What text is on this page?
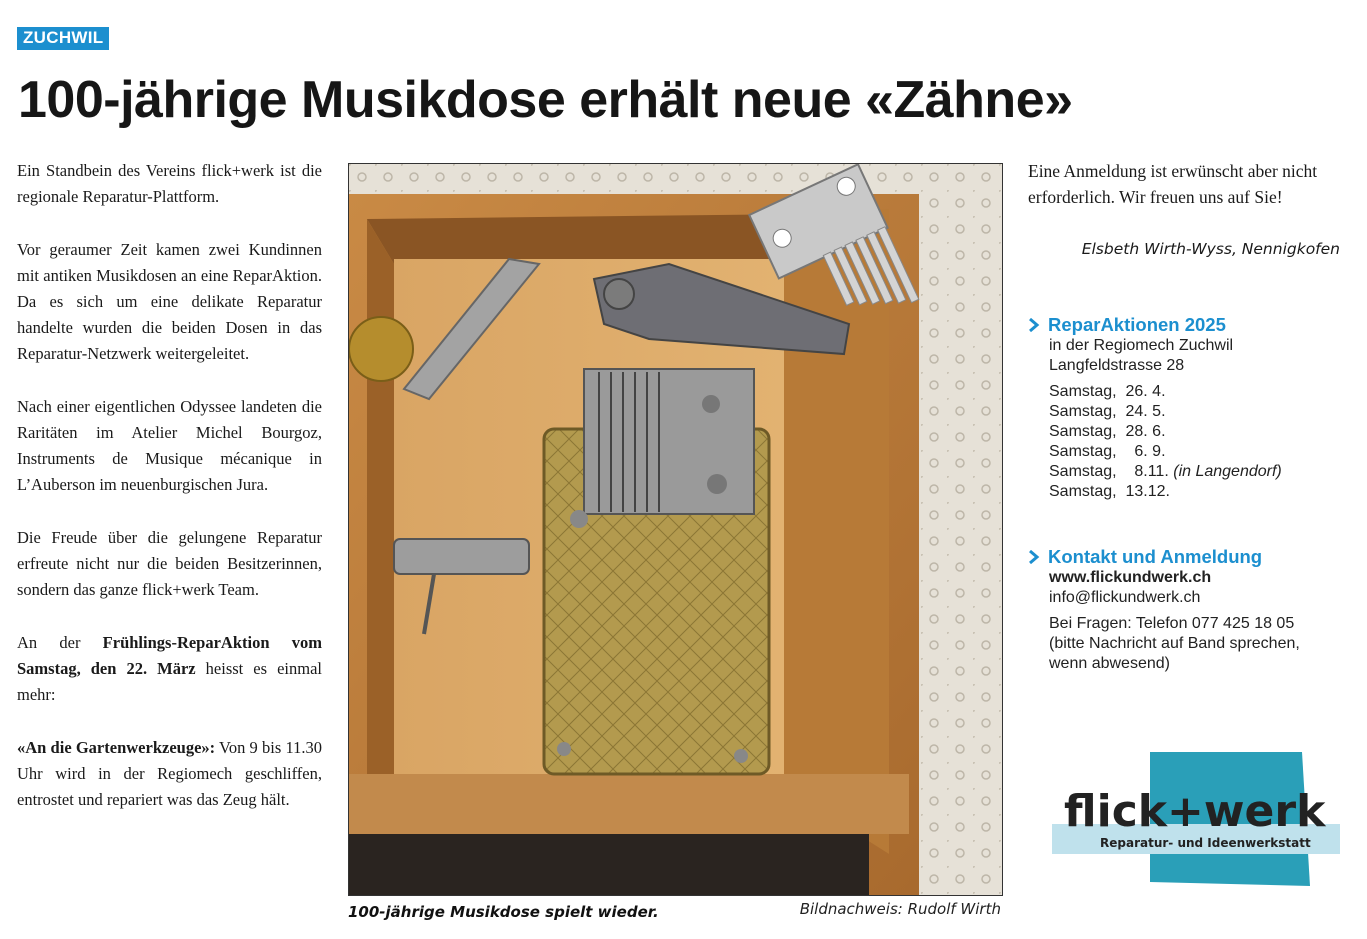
ZUCHWIL
100-jährige Musikdose erhält neue «Zähne»

Ein Standbein des Vereins flick+werk ist die regionale Reparatur-Plattform.

Vor geraumer Zeit kamen zwei Kundinnen mit antiken Musikdosen an eine ReparAktion. Da es sich um eine delikate Reparatur handelte wurden die beiden Dosen in das Reparatur-Netzwerk weitergeleitet.

Nach einer eigentlichen Odyssee landeten die Raritäten im Atelier Michel Bourgoz, Instruments de Musique mécanique in L’Auberson im neuenburgischen Jura.

Die Freude über die gelungene Reparatur erfreute nicht nur die beiden Besitzerinnen, sondern das ganze flick+werk Team.

An der Frühlings-ReparAktion vom Samstag, den 22. März heisst es einmal mehr:

«An die Gartenwerkzeuge»: Von 9 bis 11.30 Uhr wird in der Regiomech geschliffen, entrostet und repariert was das Zeug hält.

100-jährige Musikdose spielt wieder.	Bildnachweis: Rudolf Wirth

Eine Anmeldung ist erwünscht aber nicht erforderlich. Wir freuen uns auf Sie!

Elsbeth Wirth-Wyss, Nennigkofen
ReparAktionen 2025
in der Regiomech Zuchwil
Langfeldstrasse 28
Samstag, 26. 4.
Samstag, 24. 5.
Samstag, 28. 6.
Samstag,    6. 9.
Samstag,    8.11. (in Langendorf)
Samstag, 13.12.
Kontakt und Anmeldung
www.flickundwerk.ch
info@flickundwerk.ch
Bei Fragen: Telefon 077 425 18 05
(bitte Nachricht auf Band sprechen,
wenn abwesend)
flick+werk
Reparatur- und Ideenwerkstatt
